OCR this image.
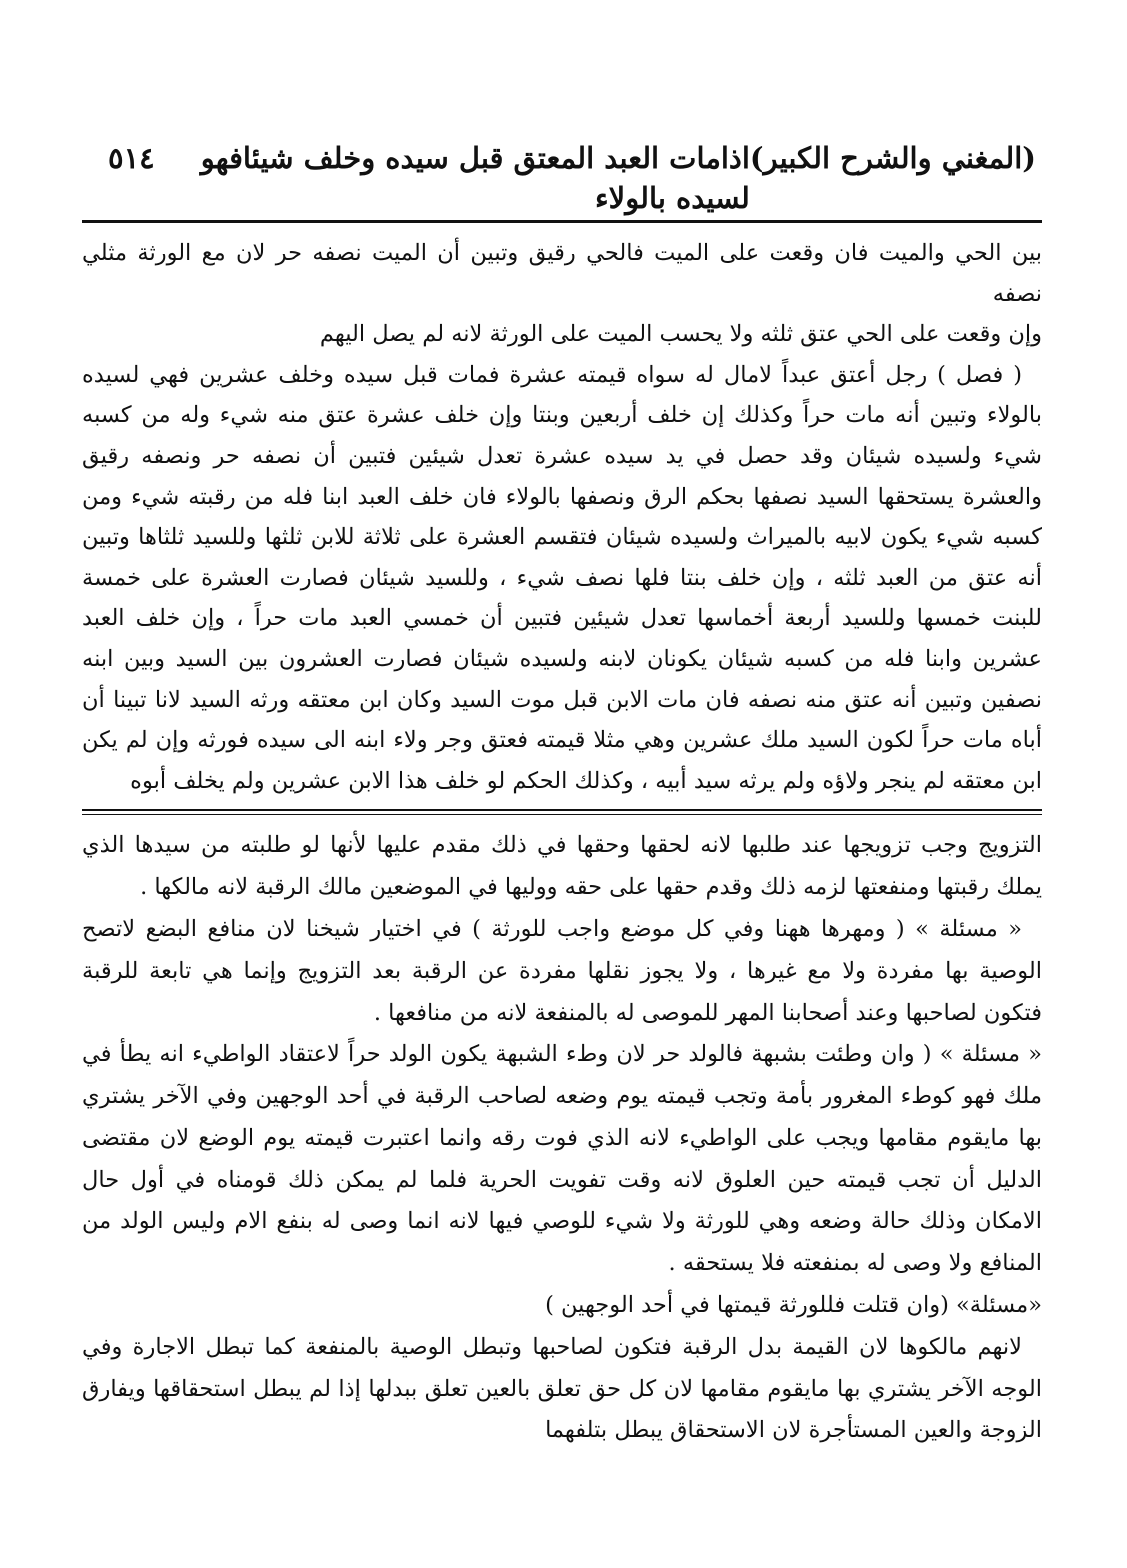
٥١٤	اذامات العبد المعتق قبل سيده وخلف شيئافهو لسيده بالولاء
(المغني والشرح الكبير)

بين الحي والميت فان وقعت على الميت فالحي رقيق وتبين أن الميت نصفه حر لان مع الورثة مثلي نصفه

وإن وقعت على الحي عتق ثلثه ولا يحسب الميت على الورثة لانه لم يصل اليهم

( فصل ) رجل أعتق عبداً لامال له سواه قيمته عشرة فمات قبل سيده وخلف عشرين فهي لسيده بالولاء وتبين أنه مات حراً وكذلك إن خلف أربعين وبنتا وإن خلف عشرة عتق منه شيء وله من كسبه شيء ولسيده شيئان وقد حصل في يد سيده عشرة تعدل شيئين فتبين أن نصفه حر ونصفه رقيق والعشرة يستحقها السيد نصفها بحكم الرق ونصفها بالولاء فان خلف العبد ابنا فله من رقبته شيء ومن كسبه شيء يكون لابيه بالميراث ولسيده شيئان فتقسم العشرة على ثلاثة للابن ثلثها وللسيد ثلثاها وتبين أنه عتق من العبد ثلثه ، وإن خلف بنتا فلها نصف شيء ، وللسيد شيئان فصارت العشرة على خمسة للبنت خمسها وللسيد أربعة أخماسها تعدل شيئين فتبين أن خمسي العبد مات حراً ، وإن خلف العبد عشرين وابنا فله من كسبه شيئان يكونان لابنه ولسيده شيئان فصارت العشرون بين السيد وبين ابنه نصفين وتبين أنه عتق منه نصفه فان مات الابن قبل موت السيد وكان ابن معتقه ورثه السيد لانا تبينا أن أباه مات حراً لكون السيد ملك عشرين وهي مثلا قيمته فعتق وجر ولاء ابنه الى سيده فورثه وإن لم يكن ابن معتقه لم ينجر ولاؤه ولم يرثه سيد أبيه ، وكذلك الحكم لو خلف هذا الابن عشرين ولم يخلف أبوه

التزويج وجب تزويجها عند طلبها لانه لحقها وحقها في ذلك مقدم عليها لأنها لو طلبته من سيدها الذي يملك رقبتها ومنفعتها لزمه ذلك وقدم حقها على حقه ووليها في الموضعين مالك الرقبة لانه مالكها .

« مسئلة » ( ومهرها ههنا وفي كل موضع واجب للورثة ) في اختيار شيخنا لان منافع البضع لاتصح الوصية بها مفردة ولا مع غيرها ، ولا يجوز نقلها مفردة عن الرقبة بعد التزويج وإنما هي تابعة للرقبة فتكون لصاحبها وعند أصحابنا المهر للموصى له بالمنفعة لانه من منافعها .

« مسئلة » ( وان وطئت بشبهة فالولد حر لان وطء الشبهة يكون الولد حراً لاعتقاد الواطيء انه يطأ في ملك فهو كوطء المغرور بأمة وتجب قيمته يوم وضعه لصاحب الرقبة في أحد الوجهين وفي الآخر يشتري بها مايقوم مقامها ويجب على الواطيء لانه الذي فوت رقه وانما اعتبرت قيمته يوم الوضع لان مقتضى الدليل أن تجب قيمته حين العلوق لانه وقت تفويت الحرية فلما لم يمكن ذلك قومناه في أول حال الامكان وذلك حالة وضعه وهي للورثة ولا شيء للوصي فيها لانه انما وصى له بنفع الام وليس الولد من المنافع ولا وصى له بمنفعته فلا يستحقه .

«مسئلة» (وان قتلت فللورثة قيمتها في أحد الوجهين )

لانهم مالكوها لان القيمة بدل الرقبة فتكون لصاحبها وتبطل الوصية بالمنفعة كما تبطل الاجارة وفي الوجه الآخر يشتري بها مايقوم مقامها لان كل حق تعلق بالعين تعلق ببدلها إذا لم يبطل استحقاقها ويفارق الزوجة والعين المستأجرة لان الاستحقاق يبطل بتلفهما
